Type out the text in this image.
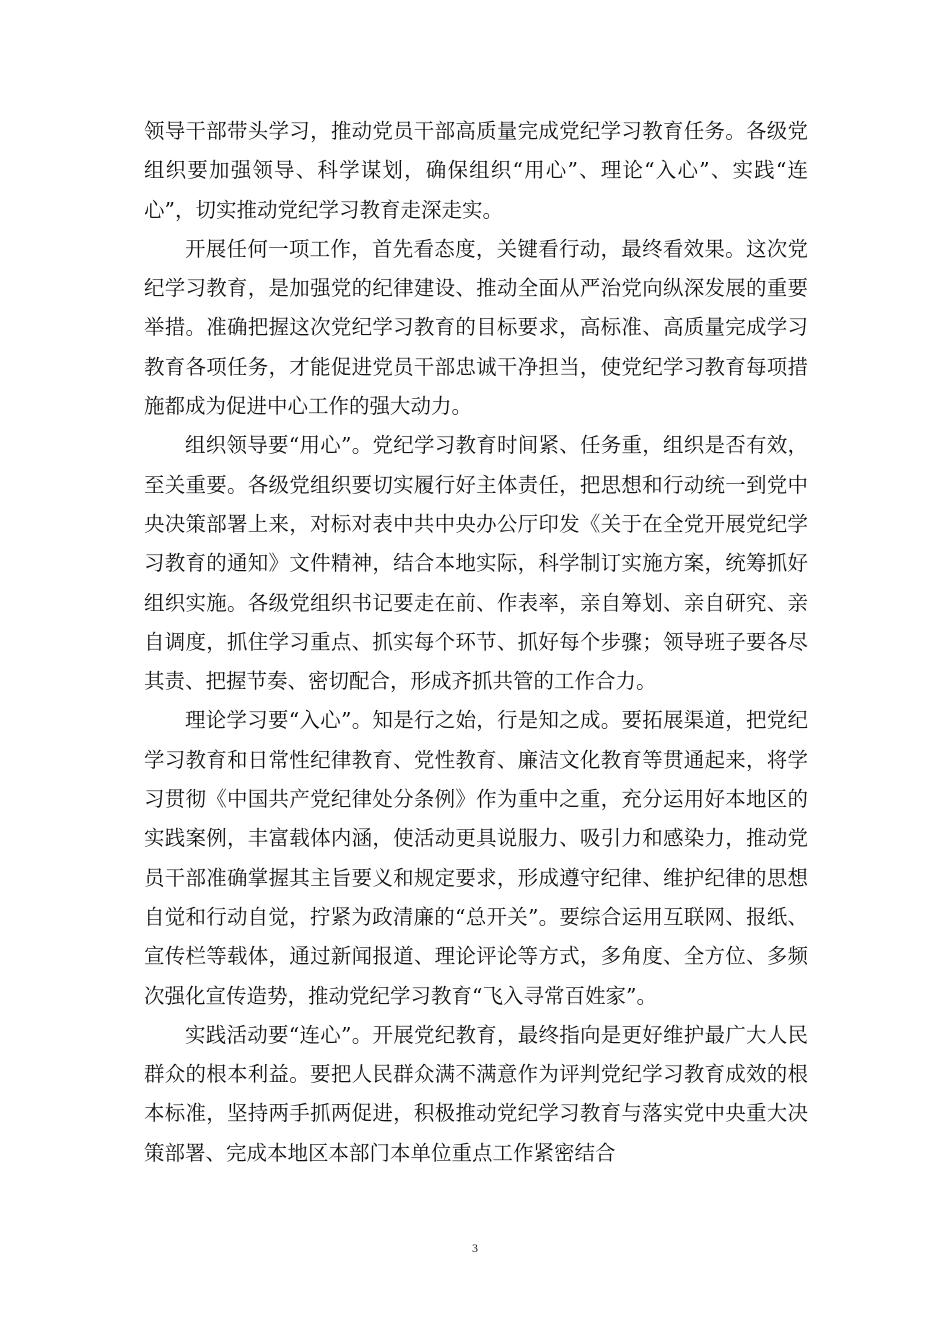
领导干部带头学习，推动党员干部高质量完成党纪学习教育任务。各级党组织要加强领导、科学谋划，确保组织“用心”、理论“入心”、实践“连心”，切实推动党纪学习教育走深走实。

开展任何一项工作，首先看态度，关键看行动，最终看效果。这次党纪学习教育，是加强党的纪律建设、推动全面从严治党向纵深发展的重要举措。准确把握这次党纪学习教育的目标要求，高标准、高质量完成学习教育各项任务，才能促进党员干部忠诚干净担当，使党纪学习教育每项措施都成为促进中心工作的强大动力。

组织领导要“用心”。党纪学习教育时间紧、任务重，组织是否有效，至关重要。各级党组织要切实履行好主体责任，把思想和行动统一到党中央决策部署上来，对标对表中共中央办公厅印发《关于在全党开展党纪学习教育的通知》文件精神，结合本地实际，科学制订实施方案，统筹抓好组织实施。各级党组织书记要走在前、作表率，亲自筹划、亲自研究、亲自调度，抓住学习重点、抓实每个环节、抓好每个步骤；领导班子要各尽其责、把握节奏、密切配合，形成齐抓共管的工作合力。

理论学习要“入心”。知是行之始，行是知之成。要拓展渠道，把党纪学习教育和日常性纪律教育、党性教育、廉洁文化教育等贯通起来，将学习贯彻《中国共产党纪律处分条例》作为重中之重，充分运用好本地区的实践案例，丰富载体内涵，使活动更具说服力、吸引力和感染力，推动党员干部准确掌握其主旨要义和规定要求，形成遵守纪律、维护纪律的思想自觉和行动自觉，拧紧为政清廉的“总开关”。要综合运用互联网、报纸、宣传栏等载体，通过新闻报道、理论评论等方式，多角度、全方位、多频次强化宣传造势，推动党纪学习教育“飞入寻常百姓家”。

实践活动要“连心”。开展党纪教育，最终指向是更好维护最广大人民群众的根本利益。要把人民群众满不满意作为评判党纪学习教育成效的根本标准，坚持两手抓两促进，积极推动党纪学习教育与落实党中央重大决策部署、完成本地区本部门本单位重点工作紧密结合

3
